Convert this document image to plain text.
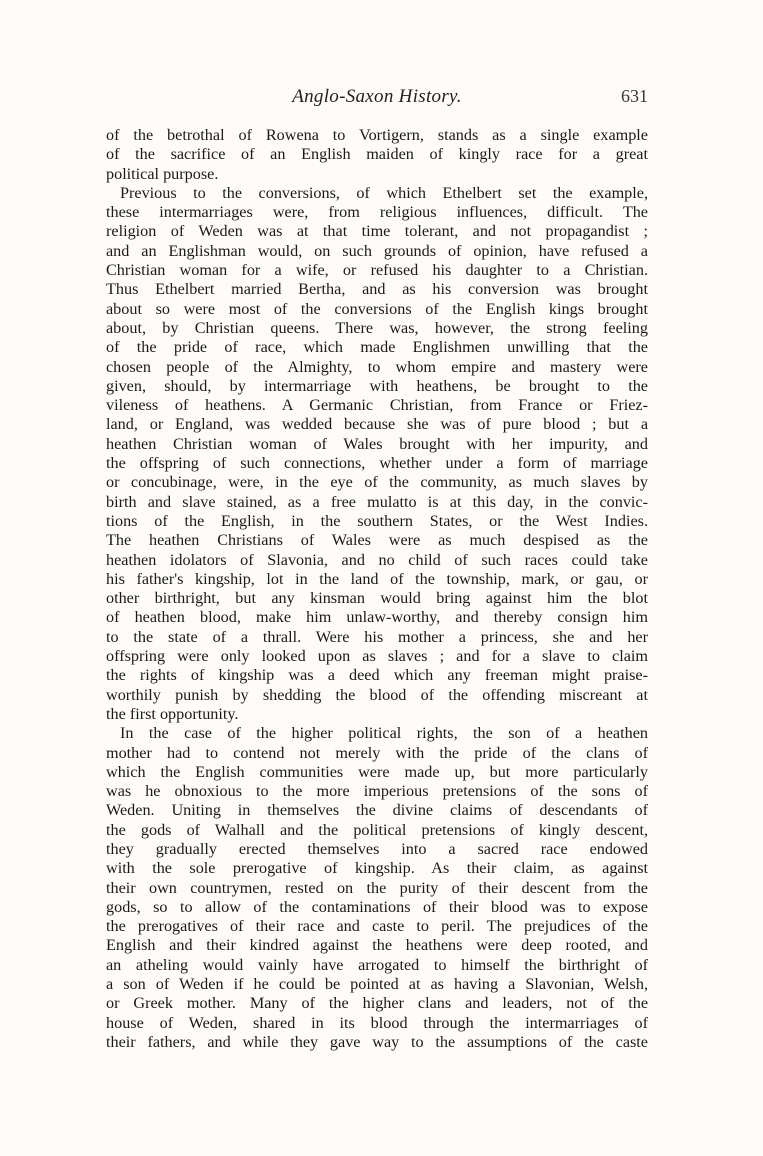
Anglo-Saxon History.	631
of the betrothal of Rowena to Vortigern, stands as a single example
of the sacrifice of an English maiden of kingly race for a great
political purpose.
Previous to the conversions, of which Ethelbert set the example,
these intermarriages were, from religious influences, difficult. The
religion of Weden was at that time tolerant, and not propagandist ;
and an Englishman would, on such grounds of opinion, have refused a
Christian woman for a wife, or refused his daughter to a Christian.
Thus Ethelbert married Bertha, and as his conversion was brought
about so were most of the conversions of the English kings brought
about, by Christian queens. There was, however, the strong feeling
of the pride of race, which made Englishmen unwilling that the
chosen people of the Almighty, to whom empire and mastery were
given, should, by intermarriage with heathens, be brought to the
vileness of heathens. A Germanic Christian, from France or Friez-
land, or England, was wedded because she was of pure blood ; but a
heathen Christian woman of Wales brought with her impurity, and
the offspring of such connections, whether under a form of marriage
or concubinage, were, in the eye of the community, as much slaves by
birth and slave stained, as a free mulatto is at this day, in the convic-
tions of the English, in the southern States, or the West Indies.
The heathen Christians of Wales were as much despised as the
heathen idolators of Slavonia, and no child of such races could take
his father's kingship, lot in the land of the township, mark, or gau, or
other birthright, but any kinsman would bring against him the blot
of heathen blood, make him unlaw-worthy, and thereby consign him
to the state of a thrall. Were his mother a princess, she and her
offspring were only looked upon as slaves ; and for a slave to claim
the rights of kingship was a deed which any freeman might praise-
worthily punish by shedding the blood of the offending miscreant at
the first opportunity.
In the case of the higher political rights, the son of a heathen
mother had to contend not merely with the pride of the clans of
which the English communities were made up, but more particularly
was he obnoxious to the more imperious pretensions of the sons of
Weden. Uniting in themselves the divine claims of descendants of
the gods of Walhall and the political pretensions of kingly descent,
they gradually erected themselves into a sacred race endowed
with the sole prerogative of kingship. As their claim, as against
their own countrymen, rested on the purity of their descent from the
gods, so to allow of the contaminations of their blood was to expose
the prerogatives of their race and caste to peril. The prejudices of the
English and their kindred against the heathens were deep rooted, and
an atheling would vainly have arrogated to himself the birthright of
a son of Weden if he could be pointed at as having a Slavonian, Welsh,
or Greek mother. Many of the higher clans and leaders, not of the
house of Weden, shared in its blood through the intermarriages of
their fathers, and while they gave way to the assumptions of the caste
